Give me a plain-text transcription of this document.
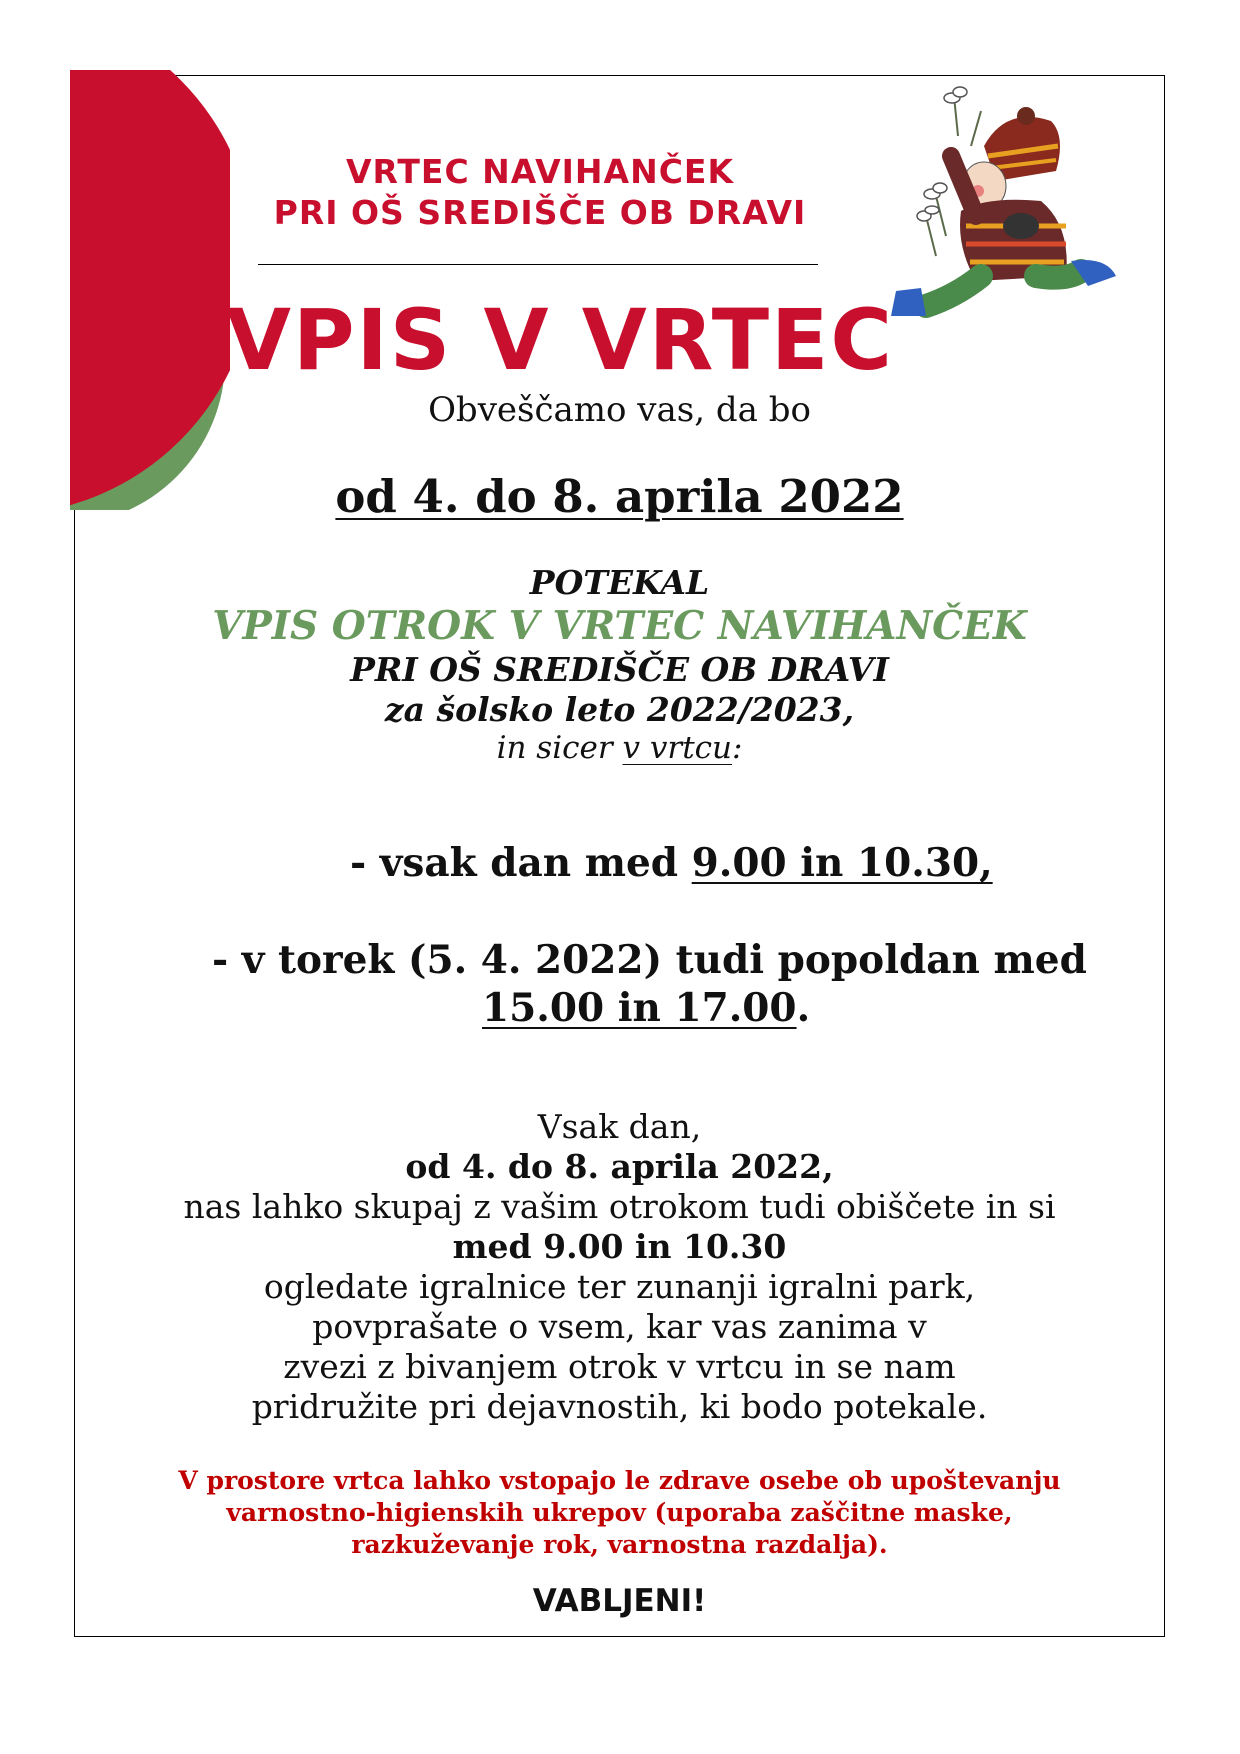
VRTEC NAVIHANČEK
PRI OŠ SREDIŠČE OB DRAVI
VPIS V VRTEC
Obveščamo vas, da bo
od 4. do 8. aprila 2022
POTEKAL
VPIS OTROK V VRTEC NAVIHANČEK
PRI OŠ SREDIŠČE OB DRAVI
za šolsko leto 2022/2023,
in sicer v vrtcu:
- vsak dan med 9.00 in 10.30,
- v torek (5. 4. 2022) tudi popoldan med
15.00 in 17.00.
Vsak dan,
od 4. do 8. aprila 2022,
nas lahko skupaj z vašim otrokom tudi obiščete in si
med 9.00 in 10.30
ogledate igralnice ter zunanji igralni park,
povprašate o vsem, kar vas zanima v
zvezi z bivanjem otrok v vrtcu in se nam
pridružite pri dejavnostih, ki bodo potekale.
V prostore vrtca lahko vstopajo le zdrave osebe ob upoštevanju
varnostno-higienskih ukrepov (uporaba zaščitne maske,
razkuževanje rok, varnostna razdalja).
VABLJENI!
